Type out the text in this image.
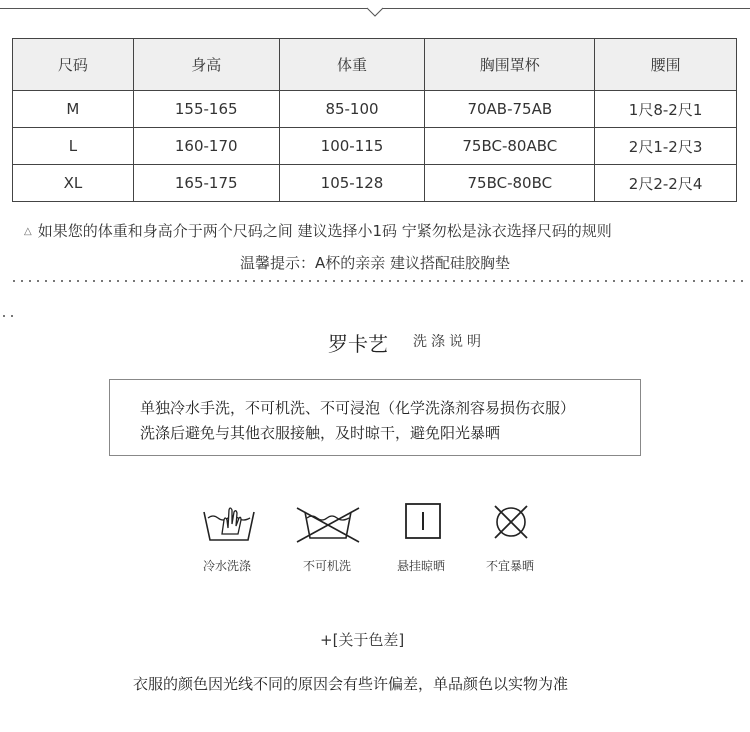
尺码	身高	体重	胸围罩杯	腰围
M	155-165	85-100	70AB-75AB	1尺8-2尺1
L	160-170	100-115	75BC-80ABC	2尺1-2尺3
XL	165-175	105-128	75BC-80BC	2尺2-2尺4
△ 如果您的体重和身高介于两个尺码之间 建议选择小1码 宁紧勿松是泳衣选择尺码的规则
温馨提示：A杯的亲亲 建议搭配硅胶胸垫
罗卡艺 洗涤说明
单独冷水手洗，不可机洗、不可浸泡（化学洗涤剂容易损伤衣服）
洗涤后避免与其他衣服接触，及时晾干，避免阳光暴晒
冷水洗涤	不可机洗	悬挂晾晒	不宜暴晒
+[关于色差]
衣服的颜色因光线不同的原因会有些许偏差，单品颜色以实物为准
